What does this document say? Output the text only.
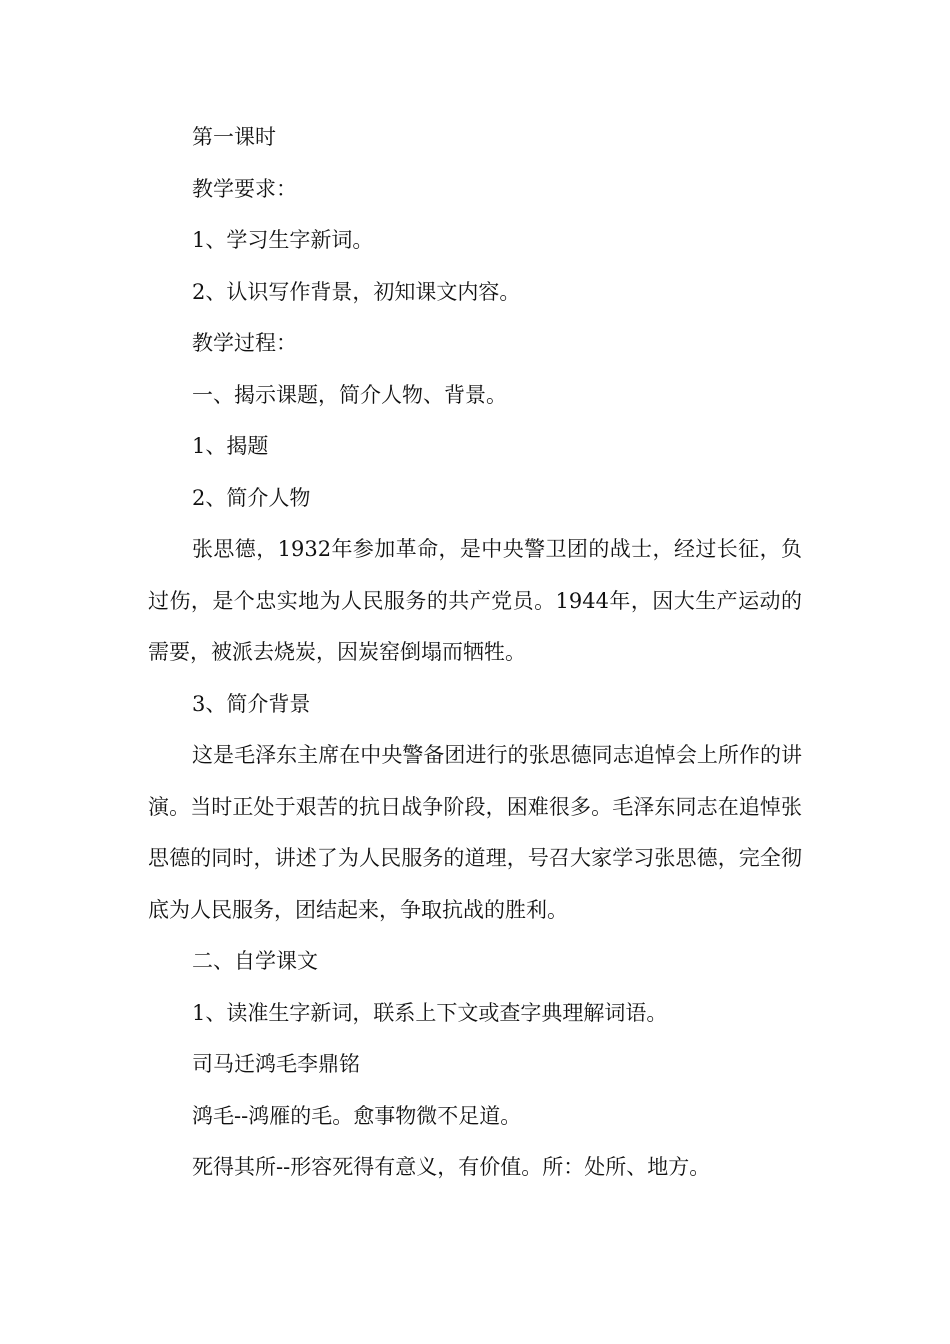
第一课时

教学要求：

1、学习生字新词。

2、认识写作背景，初知课文内容。

教学过程：

一、揭示课题，简介人物、背景。

1、揭题

2、简介人物

张思德，1932年参加革命，是中央警卫团的战士，经过长征，负过伤，是个忠实地为人民服务的共产党员。1944年，因大生产运动的需要，被派去烧炭，因炭窑倒塌而牺牲。

3、简介背景

这是毛泽东主席在中央警备团进行的张思德同志追悼会上所作的讲演。当时正处于艰苦的抗日战争阶段，困难很多。毛泽东同志在追悼张思德的同时，讲述了为人民服务的道理，号召大家学习张思德，完全彻底为人民服务，团结起来，争取抗战的胜利。

二、自学课文

1、读准生字新词，联系上下文或查字典理解词语。

司马迁鸿毛李鼎铭

鸿毛--鸿雁的毛。愈事物微不足道。

死得其所--形容死得有意义，有价值。所：处所、地方。
